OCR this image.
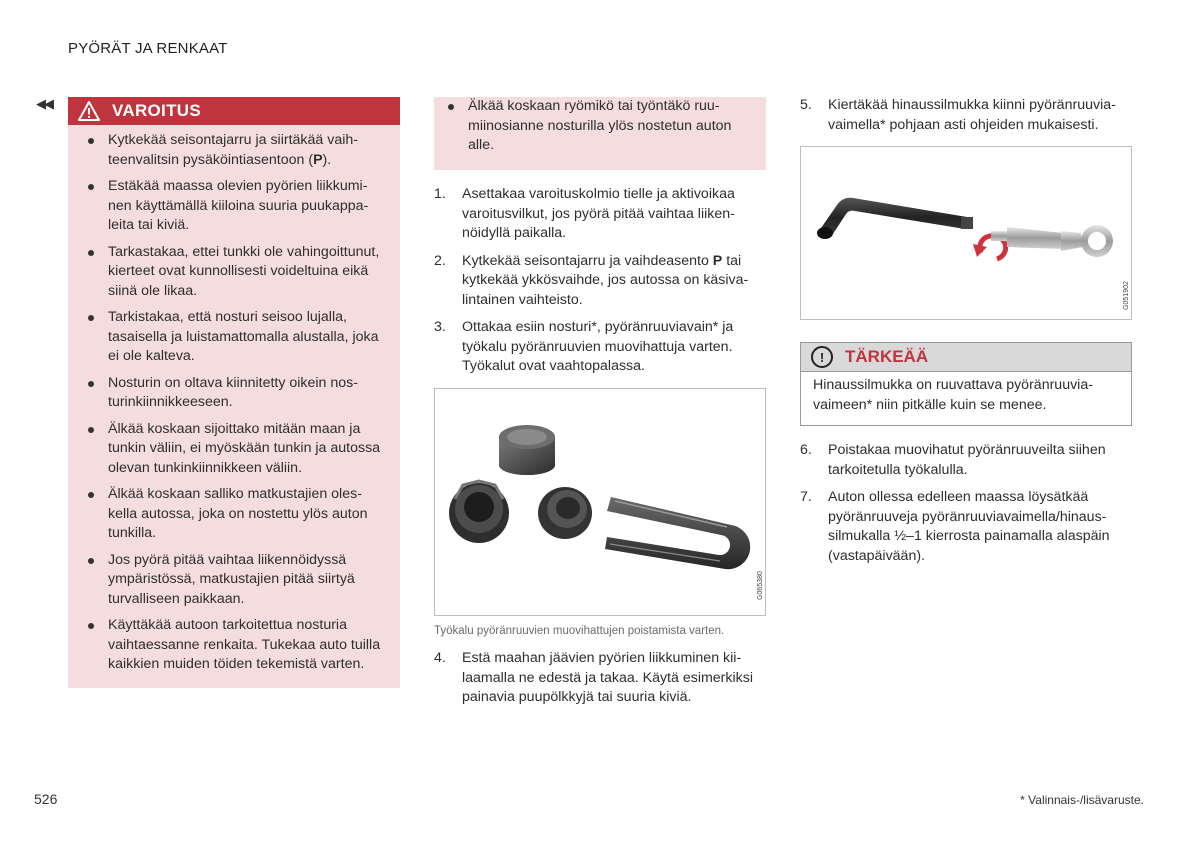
PYÖRÄT JA RENKAAT
◀◀	VAROITUS
Kytkekää seisontajarru ja siirtäkää vaihteenvalitsin pysäköintiasentoon (P).
Estäkää maassa olevien pyörien liikkuminen käyttämällä kiiloina suuria puukappaleita tai kiviä.
Tarkastakaa, ettei tunkki ole vahingoittunut, kierteet ovat kunnollisesti voideltuina eikä siinä ole likaa.
Tarkistakaa, että nosturi seisoo lujalla, tasaisella ja luistamattomalla alustalla, joka ei ole kalteva.
Nosturin on oltava kiinnitetty oikein nosturinkiinnikkeeseen.
Älkää koskaan sijoittako mitään maan ja tunkin väliin, ei myöskään tunkin ja autossa olevan tunkinkiinnikkeen väliin.
Älkää koskaan salliko matkustajien oleskella autossa, joka on nostettu ylös auton tunkilla.
Jos pyörä pitää vaihtaa liikennöidyssä ympäristössä, matkustajien pitää siirtyä turvalliseen paikkaan.
Käyttäkää autoon tarkoitettua nosturia vaihtaessanne renkaita. Tukekaa auto tuilla kaikkien muiden töiden tekemistä varten.
Älkää koskaan ryömikö tai työntäkö ruumiinosianne nosturilla ylös nostetun auton alle.
1.	Asettakaa varoituskolmio tielle ja aktivoikaa varoitusvilkut, jos pyörä pitää vaihtaa liikennöidyllä paikalla.
2.	Kytkekää seisontajarru ja vaihdeasento P tai kytkekää ykkösvaihde, jos autossa on käsivalintainen vaihteisto.
3.	Ottakaa esiin nosturi*, pyöränruuviavain* ja työkalu pyöränruuvien muovihattuja varten. Työkalut ovat vaahtopalassa.
G065380
Työkalu pyöränruuvien muovihattujen poistamista varten.
4.	Estä maahan jäävien pyörien liikkuminen kiilaamalla ne edestä ja takaa. Käytä esimerkiksi painavia puupölkkyjä tai suuria kiviä.
5.	Kiertäkää hinaussilmukka kiinni pyöränruuviavaimella* pohjaan asti ohjeiden mukaisesti.
G051902
!	TÄRKEÄÄ
Hinaussilmukka on ruuvattava pyöränruuviavaimeen* niin pitkälle kuin se menee.
6.	Poistakaa muovihatut pyöränruuveilta siihen tarkoitetulla työkalulla.
7.	Auton ollessa edelleen maassa löysätkää pyöränruuveja pyöränruuviavaimella/hinaussilmukalla ½–1 kierrosta painamalla alaspäin (vastapäivään).
526	* Valinnais-/lisävaruste.
